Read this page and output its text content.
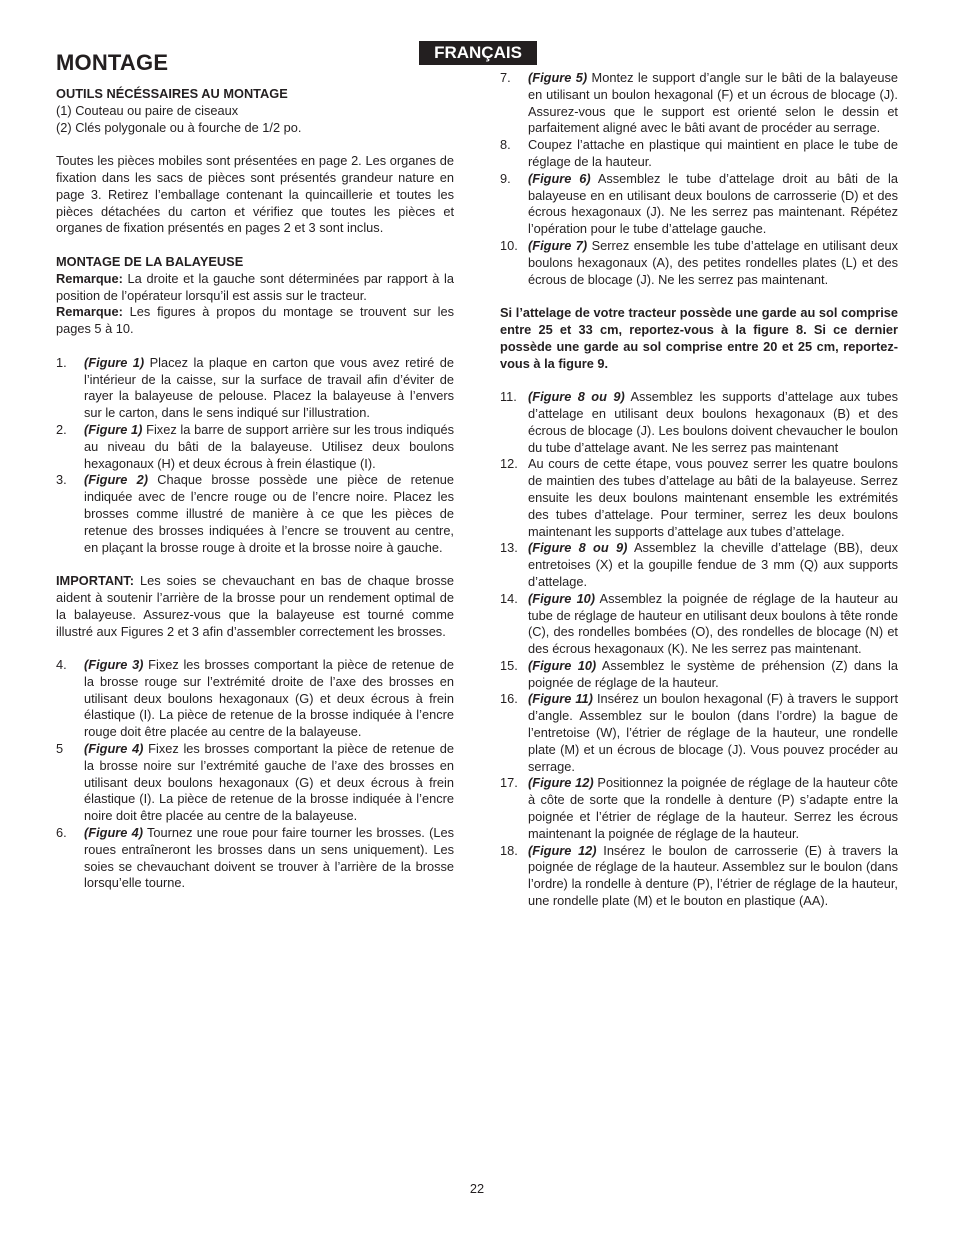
MONTAGE	FRANÇAIS

OUTILS NÉCÉSSAIRES AU MONTAGE

(1) Couteau ou paire de ciseaux

(2) Clés polygonale ou à fourche de 1/2 po.

Toutes les pièces mobiles sont présentées en page 2. Les organes de fixation dans les sacs de pièces sont présentés grandeur nature en page 3. Retirez l’emballage contenant la quincaillerie et toutes les pièces détachées du carton et vérifiez que toutes les pièces et organes de fixation présentés en pages 2 et 3 sont inclus.

MONTAGE DE LA BALAYEUSE

Remarque: La droite et la gauche sont déterminées par rapport à la position de l’opérateur lorsqu’il est assis sur le tracteur.

Remarque: Les figures à propos du montage se trouvent sur les pages 5 à 10.

1. (Figure 1) Placez la plaque en carton que vous avez retiré de l’intérieur de la caisse, sur la surface de travail afin d’éviter de rayer la balayeuse de pelouse. Placez la balayeuse à l’envers sur le carton, dans le sens indiqué sur l’illustration.

2. (Figure 1) Fixez la barre de support arrière sur les trous indiqués au niveau du bâti de la balayeuse. Utilisez deux boulons hexagonaux (H) et deux écrous à frein élastique (I).

3. (Figure 2) Chaque brosse possède une pièce de retenue indiquée avec de l’encre rouge ou de l’encre noire. Placez les brosses comme illustré de manière à ce que les pièces de retenue des brosses indiquées à l’encre se trouvent au centre, en plaçant la brosse rouge à droite et la brosse noire à gauche.

IMPORTANT: Les soies se chevauchant en bas de chaque brosse aident à soutenir l’arrière de la brosse pour un rendement optimal de la balayeuse. Assurez-vous que la balayeuse est tourné comme illustré aux Figures 2 et 3 afin d’assembler correctement les brosses.

4. (Figure 3) Fixez les brosses comportant la pièce de retenue de la brosse rouge sur l’extrémité droite de l’axe des brosses en utilisant deux boulons hexagonaux (G) et deux écrous à frein élastique (I). La pièce de retenue de la brosse indiquée à l’encre rouge doit être placée au centre de la balayeuse.

5 (Figure 4) Fixez les brosses comportant la pièce de retenue de la brosse noire sur l’extrémité gauche de l’axe des brosses en utilisant deux boulons hexagonaux (G) et deux écrous à frein élastique (I). La pièce de retenue de la brosse indiquée à l’encre noire doit être placée au centre de la balayeuse.

6. (Figure 4) Tournez une roue pour faire tourner les brosses. (Les roues entraîneront les brosses dans un sens uniquement). Les soies se chevauchant doivent se trouver à l’arrière de la brosse lorsqu’elle tourne.

7. (Figure 5) Montez le support d’angle sur le bâti de la balayeuse en utilisant un boulon hexagonal (F) et un écrous de blocage (J). Assurez-vous que le support est orienté selon le dessin et parfaitement aligné avec le bâti avant de procéder au serrage.

8. Coupez l’attache en plastique qui maintient en place le tube de réglage de la hauteur.

9. (Figure 6) Assemblez le tube d’attelage droit au bâti de la balayeuse en en utilisant deux boulons de carrosserie (D) et des écrous hexagonaux (J). Ne les serrez pas maintenant. Répétez l’opération pour le tube d’attelage gauche.

10. (Figure 7) Serrez ensemble les tube d’attelage en utilisant deux boulons hexagonaux (A), des petites rondelles plates (L) et des écrous de blocage (J). Ne les serrez pas maintenant.

Si l’attelage de votre tracteur possède une garde au sol comprise entre 25 et 33 cm, reportez-vous à la figure 8. Si ce dernier possède une garde au sol comprise entre 20 et 25 cm, reportez-vous à la figure 9.

11. (Figure 8 ou 9) Assemblez les supports d’attelage aux tubes d’attelage en utilisant deux boulons hexagonaux (B) et des écrous de blocage (J). Les boulons doivent chevaucher le boulon du tube d’attelage avant. Ne les serrez pas maintenant

12. Au cours de cette étape, vous pouvez serrer les quatre boulons de maintien des tubes d’attelage au bâti de la balayeuse. Serrez ensuite les deux boulons maintenant ensemble les extrémités des tubes d’attelage. Pour terminer, serrez les deux boulons maintenant les supports d’attelage aux tubes d’attelage.

13. (Figure 8 ou 9) Assemblez la cheville d’attelage (BB), deux entretoises (X) et la goupille fendue de 3 mm (Q) aux supports d’attelage.

14. (Figure 10) Assemblez la poignée de réglage de la hauteur au tube de réglage de hauteur en utilisant deux boulons à tête ronde (C), des rondelles bombées (O), des rondelles de blocage (N) et des écrous hexagonaux (K). Ne les serrez pas maintenant.

15. (Figure 10) Assemblez le système de préhension (Z) dans la poignée de réglage de la hauteur.

16. (Figure 11) Insérez un boulon hexagonal (F) à travers le support d’angle. Assemblez sur le boulon (dans l’ordre) la bague de l’entretoise (W), l’étrier de réglage de la hauteur, une rondelle plate (M) et un écrous de blocage (J). Vous pouvez procéder au serrage.

17. (Figure 12) Positionnez la poignée de réglage de la hauteur côte à côte de sorte que la rondelle à denture (P) s’adapte entre la poignée et l’étrier de réglage de la hauteur. Serrez les écrous maintenant la poignée de réglage de la hauteur.

18. (Figure 12) Insérez le boulon de carrosserie (E) à travers la poignée de réglage de la hauteur. Assemblez sur le boulon (dans l’ordre) la rondelle à denture (P), l’étrier de réglage de la hauteur, une rondelle plate (M) et le bouton en plastique (AA).

22
